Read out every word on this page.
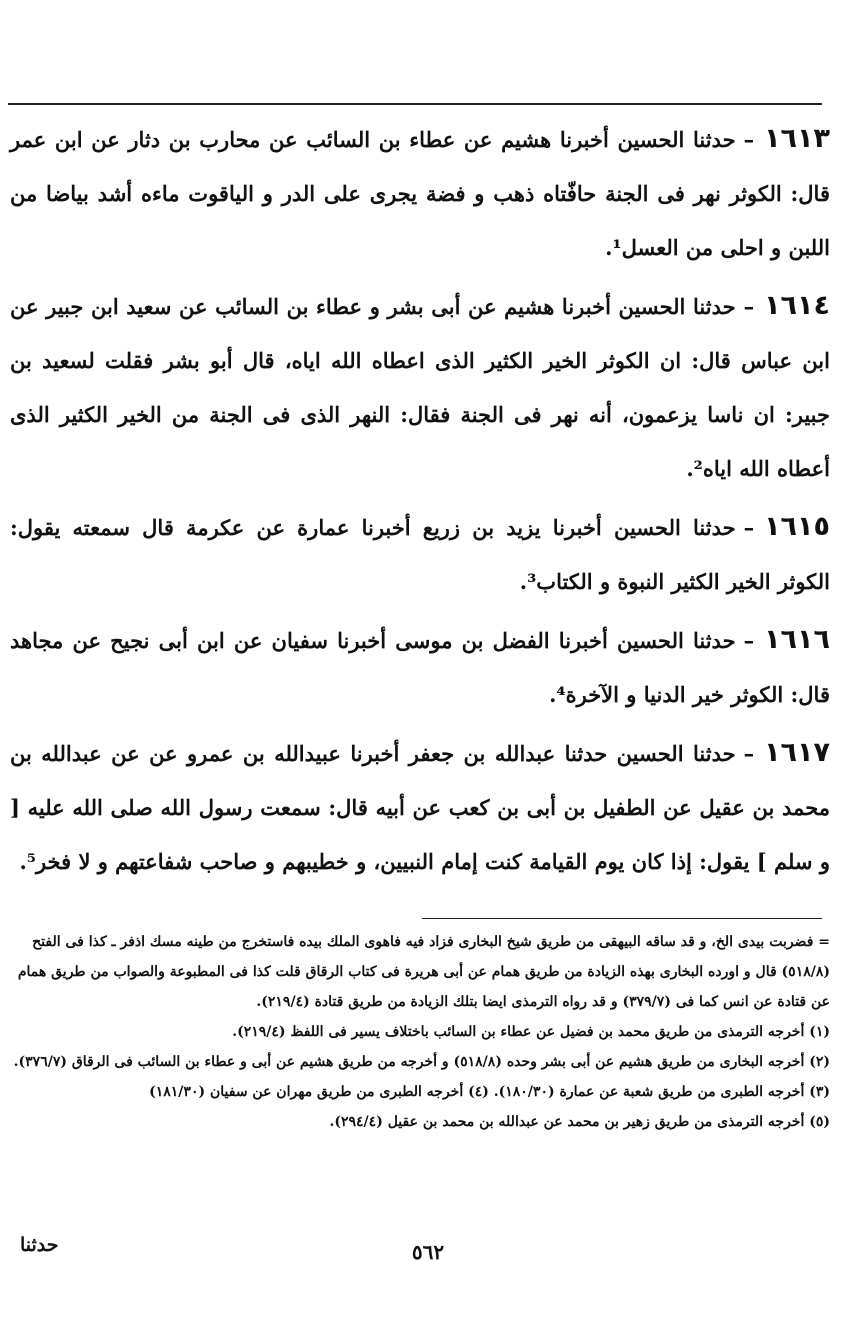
١٦١٣–حدثنا الحسين أخبرنا هشيم عن عطاء بن السائب عن محارب بن دثار عن ابن عمر قال: الكوثر نهر فى الجنة حافّتاه ذهب و فضة يجرى على الدر و الياقوت ماءه أشد بياضا من اللبن و احلى من العسل¹.

١٦١٤–حدثنا الحسين أخبرنا هشيم عن أبى بشر و عطاء بن السائب عن سعيد ابن جبير عن ابن عباس قال: ان الكوثر الخير الكثير الذى اعطاه الله اياه، قال أبو بشر فقلت لسعيد بن جبير: ان ناسا يزعمون، أنه نهر فى الجنة فقال: النهر الذى فى الجنة من الخير الكثير الذى أعطاه الله اياه².

١٦١٥–حدثنا الحسين أخبرنا يزيد بن زريع أخبرنا عمارة عن عكرمة قال سمعته يقول: الكوثر الخير الكثير النبوة و الكتاب³.

١٦١٦–حدثنا الحسين أخبرنا الفضل بن موسى أخبرنا سفيان عن ابن أبى نجيح عن مجاهد قال: الكوثر خير الدنيا و الآخرة⁴.

١٦١٧–حدثنا الحسين حدثنا عبدالله بن جعفر أخبرنا عبيدالله بن عمرو عن عن عبدالله بن محمد بن عقيل عن الطفيل بن أبى بن كعب عن أبيه قال: سمعت رسول الله صلى الله عليه [ و سلم ] يقول: إذا كان يوم القيامة كنت إمام النبيين، و خطيبهم و صاحب شفاعتهم و لا فخر⁵.

= فضربت بيدى الخ، و قد ساقه البيهقى من طريق شيخ البخارى فزاد فيه فاهوى الملك بيده فاستخرج من طينه مسك اذفر ـ كذا فى الفتح (٥١٨/٨) قال و اورده البخارى بهذه الزيادة من طريق همام عن أبى هريرة فى كتاب الرقاق قلت كذا فى المطبوعة والصواب من طريق همام عن قتادة عن انس كما فى (٣٧٩/٧) و قد رواه الترمذى ايضا بتلك الزيادة من طريق قتادة (٢١٩/٤).

(١) أخرجه الترمذى من طريق محمد بن فضيل عن عطاء بن السائب باختلاف يسير فى اللفظ (٢١٩/٤).

(٢) أخرجه البخارى من طريق هشيم عن أبى بشر وحده (٥١٨/٨) و أخرجه من طريق هشيم عن أبى و عطاء بن السائب فى الرقاق (٣٧٦/٧).

(٣) أخرجه الطبرى من طريق شعبة عن عمارة (١٨٠/٣٠). (٤) أخرجه الطبرى من طريق مهران عن سفيان (١٨١/٣٠)

(٥) أخرجه الترمذى من طريق زهير بن محمد عن عبدالله بن محمد بن عقيل (٢٩٤/٤).

٥٦٢
حدثنا
